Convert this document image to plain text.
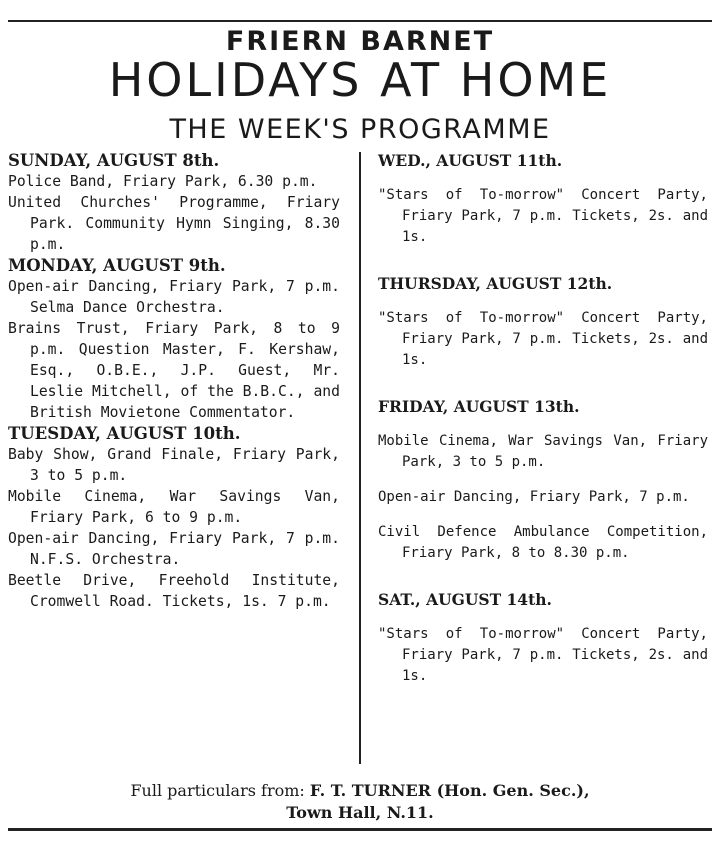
FRIERN BARNET
HOLIDAYS AT HOME
THE WEEK'S PROGRAMME

SUNDAY, AUGUST 8th.

Police Band, Friary Park, 6.30 p.m.

United Churches' Programme, Friary Park. Community Hymn Singing, 8.30 p.m.

MONDAY, AUGUST 9th.

Open-air Dancing, Friary Park, 7 p.m. Selma Dance Orchestra.

Brains Trust, Friary Park, 8 to 9 p.m. Question Master, F. Kershaw, Esq., O.B.E., J.P. Guest, Mr. Leslie Mitchell, of the B.B.C., and British Movietone Commentator.

TUESDAY, AUGUST 10th.

Baby Show, Grand Finale, Friary Park, 3 to 5 p.m.

Mobile Cinema, War Savings Van, Friary Park, 6 to 9 p.m.

Open-air Dancing, Friary Park, 7 p.m. N.F.S. Orchestra.

Beetle Drive, Freehold Institute, Cromwell Road. Tickets, 1s. 7 p.m.

WED., AUGUST 11th.

"Stars of To-morrow" Concert Party, Friary Park, 7 p.m. Tickets, 2s. and 1s.

THURSDAY, AUGUST 12th.

"Stars of To-morrow" Concert Party, Friary Park, 7 p.m. Tickets, 2s. and 1s.

FRIDAY, AUGUST 13th.

Mobile Cinema, War Savings Van, Friary Park, 3 to 5 p.m.

Open-air Dancing, Friary Park, 7 p.m.

Civil Defence Ambulance Competition, Friary Park, 8 to 8.30 p.m.

SAT., AUGUST 14th.

"Stars of To-morrow" Concert Party, Friary Park, 7 p.m. Tickets, 2s. and 1s.

Full particulars from: F. T. TURNER (Hon. Gen. Sec.),
Town Hall, N.11.
